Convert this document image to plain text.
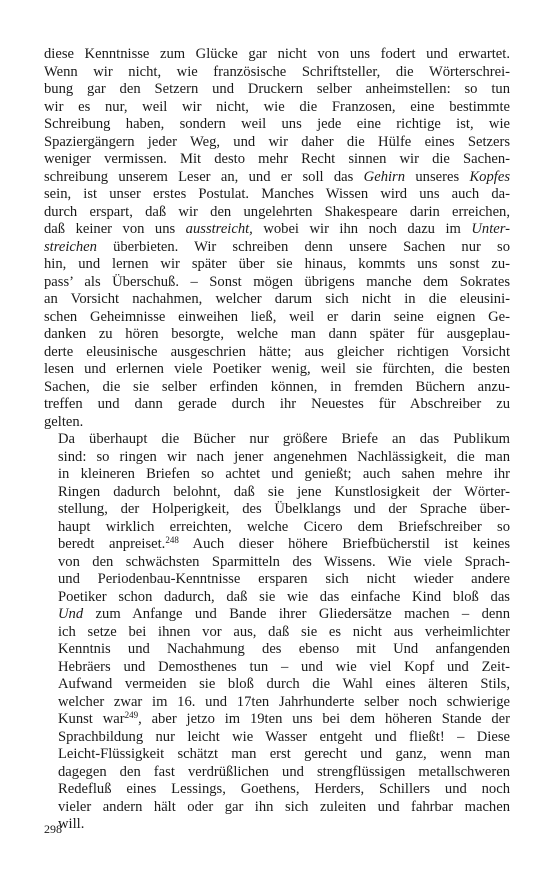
diese Kenntnisse zum Glücke gar nicht von uns fodert und erwartet.
Wenn wir nicht, wie französische Schriftsteller, die Wörterschrei-
bung gar den Setzern und Druckern selber anheimstellen: so tun
wir es nur, weil wir nicht, wie die Franzosen, eine bestimmte
Schreibung haben, sondern weil uns jede eine richtige ist, wie
Spaziergängern jeder Weg, und wir daher die Hülfe eines Setzers
weniger vermissen. Mit desto mehr Recht sinnen wir die Sachen-
schreibung unserem Leser an, und er soll das Gehirn unseres Kopfes
sein, ist unser erstes Postulat. Manches Wissen wird uns auch da-
durch erspart, daß wir den ungelehrten Shakespeare darin erreichen,
daß keiner von uns ausstreicht, wobei wir ihn noch dazu im Unter-
streichen überbieten. Wir schreiben denn unsere Sachen nur so
hin, und lernen wir später über sie hinaus, kommts uns sonst zu-
pass’ als Überschuß. – Sonst mögen übrigens manche dem Sokrates
an Vorsicht nachahmen, welcher darum sich nicht in die eleusini-
schen Geheimnisse einweihen ließ, weil er darin seine eignen Ge-
danken zu hören besorgte, welche man dann später für ausgeplau-
derte eleusinische ausgeschrien hätte; aus gleicher richtigen Vorsicht
lesen und erlernen viele Poetiker wenig, weil sie fürchten, die besten
Sachen, die sie selber erfinden können, in fremden Büchern anzu-
treffen und dann gerade durch ihr Neuestes für Abschreiber zu
gelten.

Da überhaupt die Bücher nur größere Briefe an das Publikum
sind: so ringen wir nach jener angenehmen Nachlässigkeit, die man
in kleineren Briefen so achtet und genießt; auch sahen mehre ihr
Ringen dadurch belohnt, daß sie jene Kunstlosigkeit der Wörter-
stellung, der Holperigkeit, des Übelklangs und der Sprache über-
haupt wirklich erreichten, welche Cicero dem Briefschreiber so
beredt anpreiset.$^{248}$ Auch dieser höhere Briefbücherstil ist keines
von den schwächsten Sparmitteln des Wissens. Wie viele Sprach-
und Periodenbau-Kenntnisse ersparen sich nicht wieder andere
Poetiker schon dadurch, daß sie wie das einfache Kind bloß das
Und zum Anfange und Bande ihrer Gliedersätze machen – denn
ich setze bei ihnen vor aus, daß sie es nicht aus verheimlichter
Kenntnis und Nachahmung des ebenso mit Und anfangenden
Hebräers und Demosthenes tun – und wie viel Kopf und Zeit-
Aufwand vermeiden sie bloß durch die Wahl eines älteren Stils,
welcher zwar im 16. und 17ten Jahrhunderte selber noch schwierige
Kunst war$^{249}$, aber jetzo im 19ten uns bei dem höheren Stande der
Sprachbildung nur leicht wie Wasser entgeht und fließt! – Diese
Leicht-Flüssigkeit schätzt man erst gerecht und ganz, wenn man
dagegen den fast verdrüßlichen und strengflüssigen metallschweren
Redefluß eines Lessings, Goethens, Herders, Schillers und noch
vieler andern hält oder gar ihn sich zuleiten und fahrbar machen
will.

298
